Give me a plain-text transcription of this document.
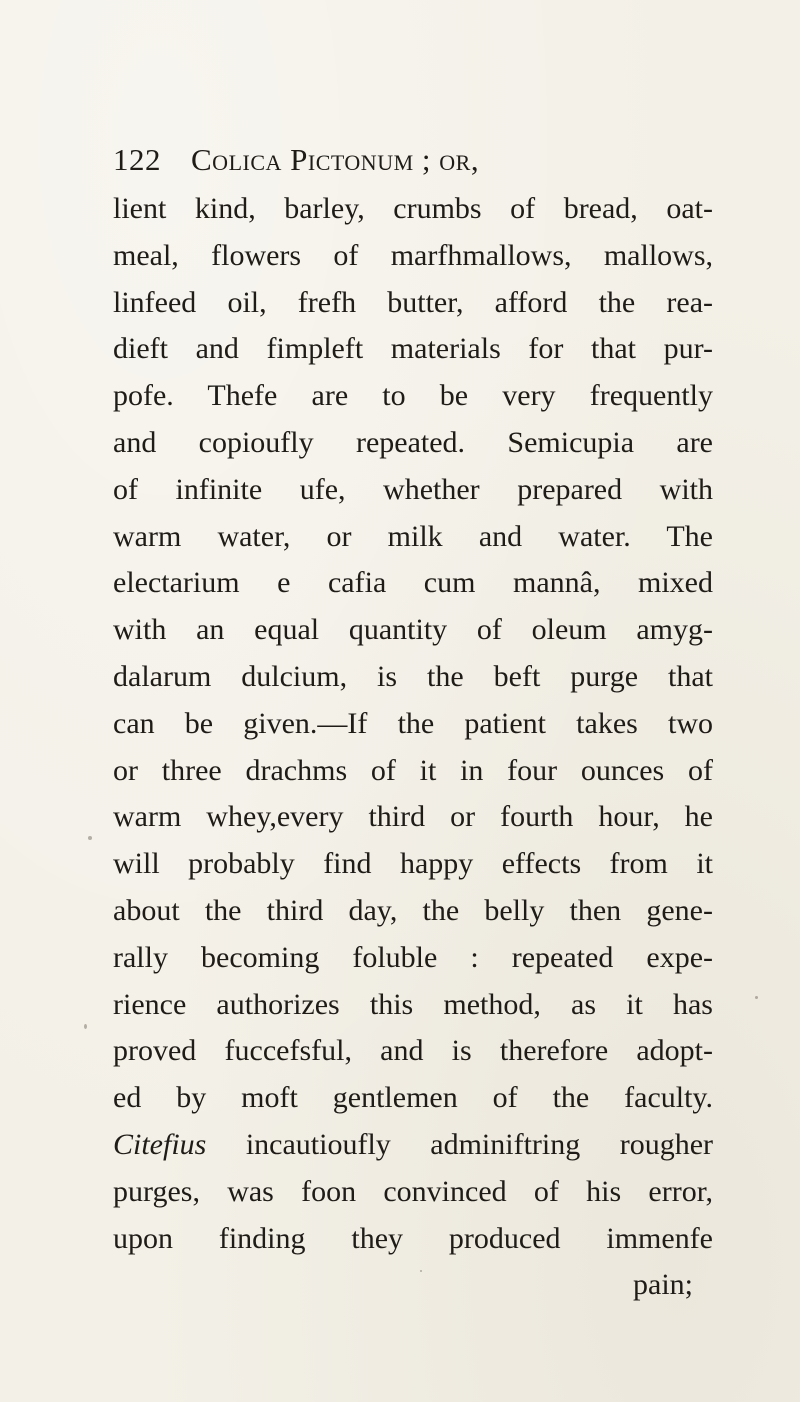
122 Colica Pictonum ; or,
lient kind, barley, crumbs of bread, oat-
meal, flowers of marfhmallows, mallows,
linfeed oil, frefh butter, afford the rea-
dieft and fimpleft materials for that pur-
pofe. Thefe are to be very frequently
and copioufly repeated. Semicupia are
of infinite ufe, whether prepared with
warm water, or milk and water. The
electarium e cafia cum mannâ, mixed
with an equal quantity of oleum amyg-
dalarum dulcium, is the beft purge that
can be given.—If the patient takes two
or three drachms of it in four ounces of
warm whey,every third or fourth hour, he
will probably find happy effects from it
about the third day, the belly then gene-
rally becoming foluble : repeated expe-
rience authorizes this method, as it has
proved fuccefsful, and is therefore adopt-
ed by moft gentlemen of the faculty.
Citefius incautioufly adminiftring rougher
purges, was foon convinced of his error,
upon finding they produced immenfe
pain;
